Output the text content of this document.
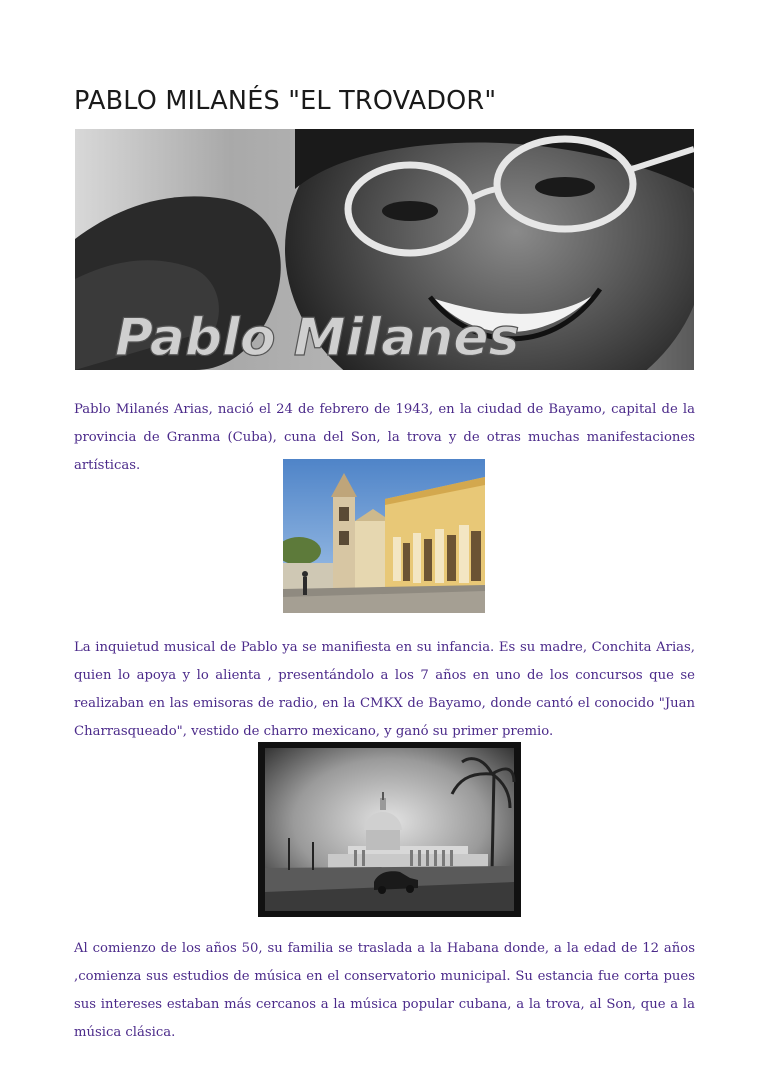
PABLO MILANÉS "EL TROVADOR"
Pablo Milanes

Pablo Milanés Arias, nació el 24 de febrero de 1943, en la ciudad de Bayamo, capital de la provincia de Granma (Cuba), cuna del Son, la trova y de otras muchas manifestaciones artísticas.

La inquietud musical de Pablo ya se manifiesta en su infancia. Es su madre, Conchita Arias, quien lo apoya y lo alienta , presentándolo a los 7 años en uno de los concursos que se realizaban en las emisoras de radio, en la CMKX de Bayamo, donde cantó el conocido "Juan Charrasqueado", vestido de charro mexicano, y ganó su primer premio.

Al comienzo de los años 50, su familia se traslada a la Habana donde, a la edad de 12 años ,comienza sus estudios de música en el conservatorio municipal. Su estancia fue corta pues sus intereses estaban más cercanos a la música popular cubana, a la trova, al Son, que a la música clásica.
